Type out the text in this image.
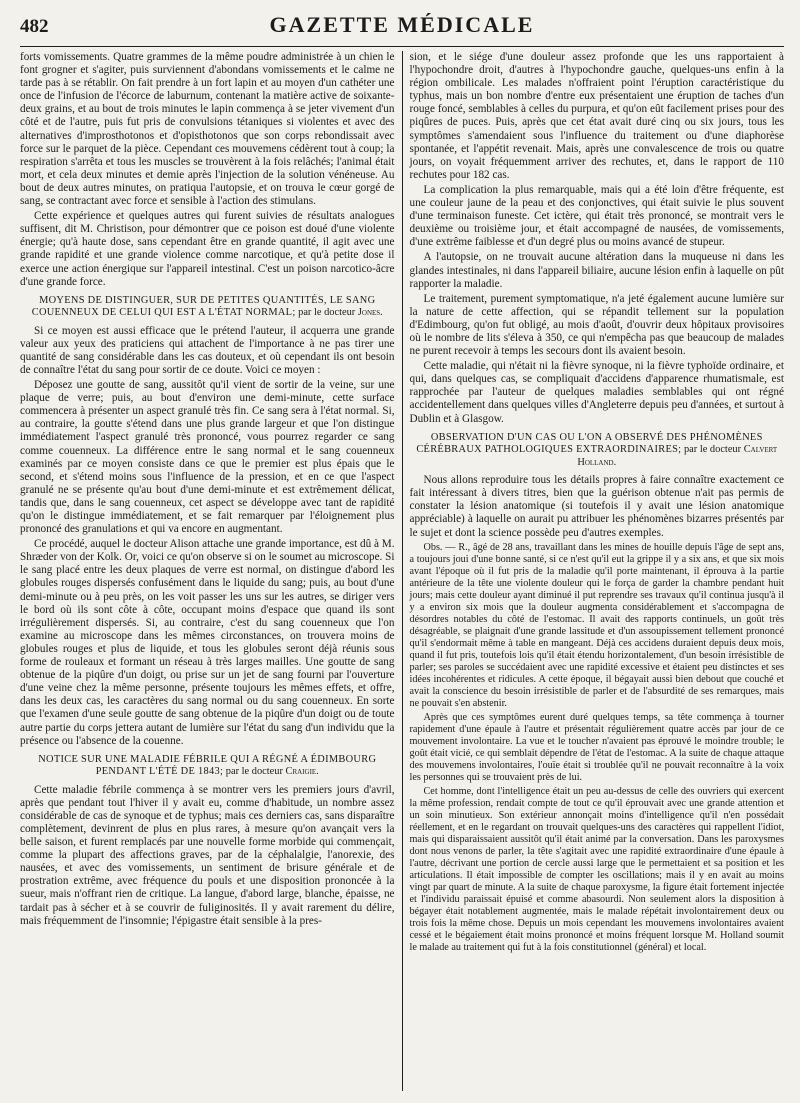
482	GAZETTE MÉDICALE

forts vomissements. Quatre grammes de la même poudre administrée à un chien le font grogner et s'agiter, puis surviennent d'abondans vomissements et le calme ne tarde pas à se rétablir. On fait prendre à un fort lapin et au moyen d'un cathéter une once de l'infusion de l'écorce de laburnum, contenant la matière active de soixante-deux grains, et au bout de trois minutes le lapin commença à se jeter vivement d'un côté et de l'autre, puis fut pris de convulsions tétaniques si violentes et avec des alternatives d'improsthotonos et d'opisthotonos que son corps rebondissait avec force sur le parquet de la pièce. Cependant ces mouvemens cédèrent tout à coup; la respiration s'arrêta et tous les muscles se trouvèrent à la fois relâchés; l'animal était mort, et cela deux minutes et demie après l'injection de la solution vénéneuse. Au bout de deux autres minutes, on pratiqua l'autopsie, et on trouva le cœur gorgé de sang, se contractant avec force et sensible à l'action des stimulans.

Cette expérience et quelques autres qui furent suivies de résultats analogues suffisent, dit M. Christison, pour démontrer que ce poison est doué d'une violente énergie; qu'à haute dose, sans cependant être en grande quantité, il agit avec une grande rapidité et une grande violence comme narcotique, et qu'à petite dose il exerce une action énergique sur l'appareil intestinal. C'est un poison narcotico-âcre d'une grande force.

MOYENS DE DISTINGUER, SUR DE PETITES QUANTITÉS, LE SANG COUENNEUX DE CELUI QUI EST A L'ÉTAT NORMAL; par le docteur Jones.

Si ce moyen est aussi efficace que le prétend l'auteur, il acquerra une grande valeur aux yeux des praticiens qui attachent de l'importance à ne pas tirer une quantité de sang considérable dans les cas douteux, et où cependant ils ont besoin de connaître l'état du sang pour sortir de ce doute. Voici ce moyen :

Déposez une goutte de sang, aussitôt qu'il vient de sortir de la veine, sur une plaque de verre; puis, au bout d'environ une demi-minute, cette surface commencera à présenter un aspect granulé très fin. Ce sang sera à l'état normal. Si, au contraire, la goutte s'étend dans une plus grande largeur et que l'on distingue immédiatement l'aspect granulé très prononcé, vous pourrez regarder ce sang comme couenneux. La différence entre le sang normal et le sang couenneux examinés par ce moyen consiste dans ce que le premier est plus épais que le second, et s'étend moins sous l'influence de la pression, et en ce que l'aspect granulé ne se présente qu'au bout d'une demi-minute et est extrêmement délicat, tandis que, dans le sang couenneux, cet aspect se développe avec tant de rapidité qu'on le distingue immédiatement, et se fait remarquer par l'éloignement plus prononcé des granulations et qui va encore en augmentant.

Ce procédé, auquel le docteur Alison attache une grande importance, est dû à M. Shræder von der Kolk. Or, voici ce qu'on observe si on le soumet au microscope. Si le sang placé entre les deux plaques de verre est normal, on distingue d'abord les globules rouges dispersés confusément dans le liquide du sang; puis, au bout d'une demi-minute ou à peu près, on les voit passer les uns sur les autres, se diriger vers le bord où ils sont côte à côte, occupant moins d'espace que quand ils sont irrégulièrement dispersés. Si, au contraire, c'est du sang couenneux que l'on examine au microscope dans les mêmes circonstances, on trouvera moins de globules rouges et plus de liquide, et tous les globules seront déjà réunis sous forme de rouleaux et formant un réseau à très larges mailles. Une goutte de sang obtenue de la piqûre d'un doigt, ou prise sur un jet de sang fourni par l'ouverture d'une veine chez la même personne, présente toujours les mêmes effets, et offre, dans les deux cas, les caractères du sang normal ou du sang couenneux. En sorte que l'examen d'une seule goutte de sang obtenue de la piqûre d'un doigt ou de toute autre partie du corps jettera autant de lumière sur l'état du sang d'un individu que la présence ou l'absence de la couenne.

NOTICE SUR UNE MALADIE FÉBRILE QUI A RÉGNÉ A ÉDIMBOURG PENDANT L'ÉTÉ DE 1843; par le docteur Craigie.

Cette maladie fébrile commença à se montrer vers les premiers jours d'avril, après que pendant tout l'hiver il y avait eu, comme d'habitude, un nombre assez considérable de cas de synoque et de typhus; mais ces derniers cas, sans disparaître complètement, devinrent de plus en plus rares, à mesure qu'on avançait vers la belle saison, et furent remplacés par une nouvelle forme morbide qui commençait, comme la plupart des affections graves, par de la céphalalgie, l'anorexie, des nausées, et avec des vomissements, un sentiment de brisure générale et de prostration extrême, avec fréquence du pouls et une disposition prononcée à la sueur, mais n'offrant rien de critique. La langue, d'abord large, blanche, épaisse, ne tardait pas à sécher et à se couvrir de fuliginosités. Il y avait rarement du délire, mais fréquemment de l'insomnie; l'épigastre était sensible à la pres-

sion, et le siége d'une douleur assez profonde que les uns rapportaient à l'hypochondre droit, d'autres à l'hypochondre gauche, quelques-uns enfin à la région ombilicale. Les malades n'offraient point l'éruption caractéristique du typhus, mais un bon nombre d'entre eux présentaient une éruption de taches d'un rouge foncé, semblables à celles du purpura, et qu'on eût facilement prises pour des piqûres de puces. Puis, après que cet état avait duré cinq ou six jours, tous les symptômes s'amendaient sous l'influence du traitement ou d'une diaphorèse spontanée, et l'appétit revenait. Mais, après une convalescence de trois ou quatre jours, on voyait fréquemment arriver des rechutes, et, dans le rapport de 110 rechutes pour 182 cas.

La complication la plus remarquable, mais qui a été loin d'être fréquente, est une couleur jaune de la peau et des conjonctives, qui était suivie le plus souvent d'une terminaison funeste. Cet ictère, qui était très prononcé, se montrait vers le deuxième ou troisième jour, et était accompagné de nausées, de vomissements, d'une extrême faiblesse et d'un degré plus ou moins avancé de stupeur.

A l'autopsie, on ne trouvait aucune altération dans la muqueuse ni dans les glandes intestinales, ni dans l'appareil biliaire, aucune lésion enfin à laquelle on pût rapporter la maladie.

Le traitement, purement symptomatique, n'a jeté également aucune lumière sur la nature de cette affection, qui se répandit tellement sur la population d'Edimbourg, qu'on fut obligé, au mois d'août, d'ouvrir deux hôpitaux provisoires où le nombre de lits s'éleva à 350, ce qui n'empêcha pas que beaucoup de malades ne purent recevoir à temps les secours dont ils avaient besoin.

Cette maladie, qui n'était ni la fièvre synoque, ni la fièvre typhoïde ordinaire, et qui, dans quelques cas, se compliquait d'accidens d'apparence rhumatismale, est rapprochée par l'auteur de quelques maladies semblables qui ont régné accidentellement dans quelques villes d'Angleterre depuis peu d'années, et surtout à Dublin et à Glasgow.

OBSERVATION D'UN CAS OU L'ON A OBSERVÉ DES PHÉNOMÈNES CÉRÉBRAUX PATHOLOGIQUES EXTRAORDINAIRES; par le docteur Calvert Holland.

Nous allons reproduire tous les détails propres à faire connaître exactement ce fait intéressant à divers titres, bien que la guérison obtenue n'ait pas permis de constater la lésion anatomique (si toutefois il y avait une lésion anatomique appréciable) à laquelle on aurait pu attribuer les phénomènes bizarres présentés par le sujet et dont la science possède peu d'autres exemples.

Obs. — R., âgé de 28 ans, travaillant dans les mines de houille depuis l'âge de sept ans, a toujours joui d'une bonne santé, si ce n'est qu'il eut la grippe il y a six ans, et que six mois avant l'époque où il fut pris de la maladie qu'il porte maintenant, il éprouva à la partie antérieure de la tête une violente douleur qui le força de garder la chambre pendant huit jours; mais cette douleur ayant diminué il put reprendre ses travaux qu'il continua jusqu'à il y a environ six mois que la douleur augmenta considérablement et s'accompagna de désordres notables du côté de l'estomac. Il avait des rapports continuels, un goût très désagréable, se plaignait d'une grande lassitude et d'un assoupissement tellement prononcé qu'il s'endormait même à table en mangeant. Déjà ces accidens duraient depuis deux mois, quand il fut pris, toutefois lois qu'il était étendu horizontalement, d'un besoin irrésistible de parler; ses paroles se succédaient avec une rapidité excessive et étaient peu distinctes et ses idées incohérentes et ridicules. A cette époque, il bégayait aussi bien debout que couché et avait la conscience du besoin irrésistible de parler et de l'absurdité de ses remarques, mais ne pouvait s'en abstenir.

Après que ces symptômes eurent duré quelques temps, sa tête commença à tourner rapidement d'une épaule à l'autre et présentait régulièrement quatre accès par jour de ce mouvement involontaire. La vue et le toucher n'avaient pas éprouvé le moindre trouble; le goût était vicié, ce qui semblait dépendre de l'état de l'estomac. A la suite de chaque attaque des mouvemens involontaires, l'ouïe était si troublée qu'il ne pouvait reconnaître à la voix les personnes qui se trouvaient près de lui.

Cet homme, dont l'intelligence était un peu au-dessus de celle des ouvriers qui exercent la même profession, rendait compte de tout ce qu'il éprouvait avec une grande attention et un soin minutieux. Son extérieur annonçait moins d'intelligence qu'il n'en possédait réellement, et en le regardant on trouvait quelques-uns des caractères qui rappellent l'idiot, mais qui disparaissaient aussitôt qu'il était animé par la conversation. Dans les paroxysmes dont nous venons de parler, la tête s'agitait avec une rapidité extraordinaire d'une épaule à l'autre, décrivant une portion de cercle aussi large que le permettaient et sa position et les articulations. Il était impossible de compter les oscillations; mais il y en avait au moins vingt par quart de minute. A la suite de chaque paroxysme, la figure était fortement injectée et l'individu paraissait épuisé et comme abasourdi. Non seulement alors la disposition à bégayer était notablement augmentée, mais le malade répétait involontairement deux ou trois fois la même chose. Depuis un mois cependant les mouvemens involontaires avaient cessé et le bégaiement était moins prononcé et moins fréquent lorsque M. Holland soumit le malade au traitement qui fut à la fois constitutionnel (général) et local.
